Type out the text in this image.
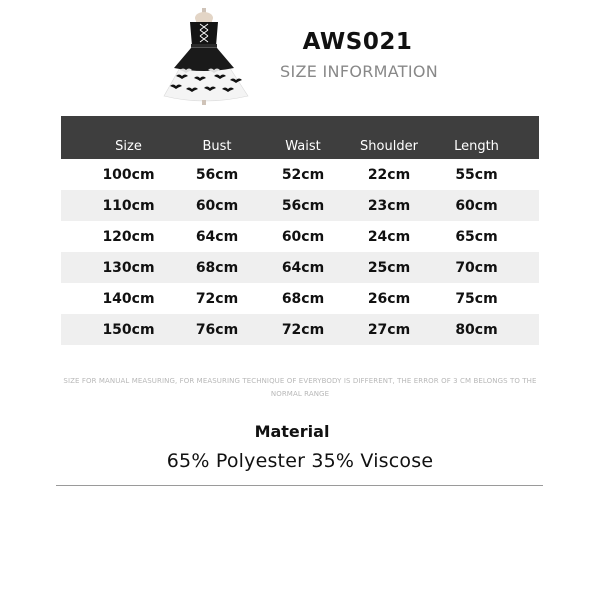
AWS021
SIZE INFORMATION
Size	Bust	Waist	Shoulder	Length
100cm	56cm	52cm	22cm	55cm
110cm	60cm	56cm	23cm	60cm
120cm	64cm	60cm	24cm	65cm
130cm	68cm	64cm	25cm	70cm
140cm	72cm	68cm	26cm	75cm
150cm	76cm	72cm	27cm	80cm
SIZE FOR MANUAL MEASURING, FOR MEASURING TECHNIQUE OF EVERYBODY IS DIFFERENT, THE ERROR OF 3 CM BELONGS TO THE NORMAL RANGE
Material
65% Polyester 35% Viscose
